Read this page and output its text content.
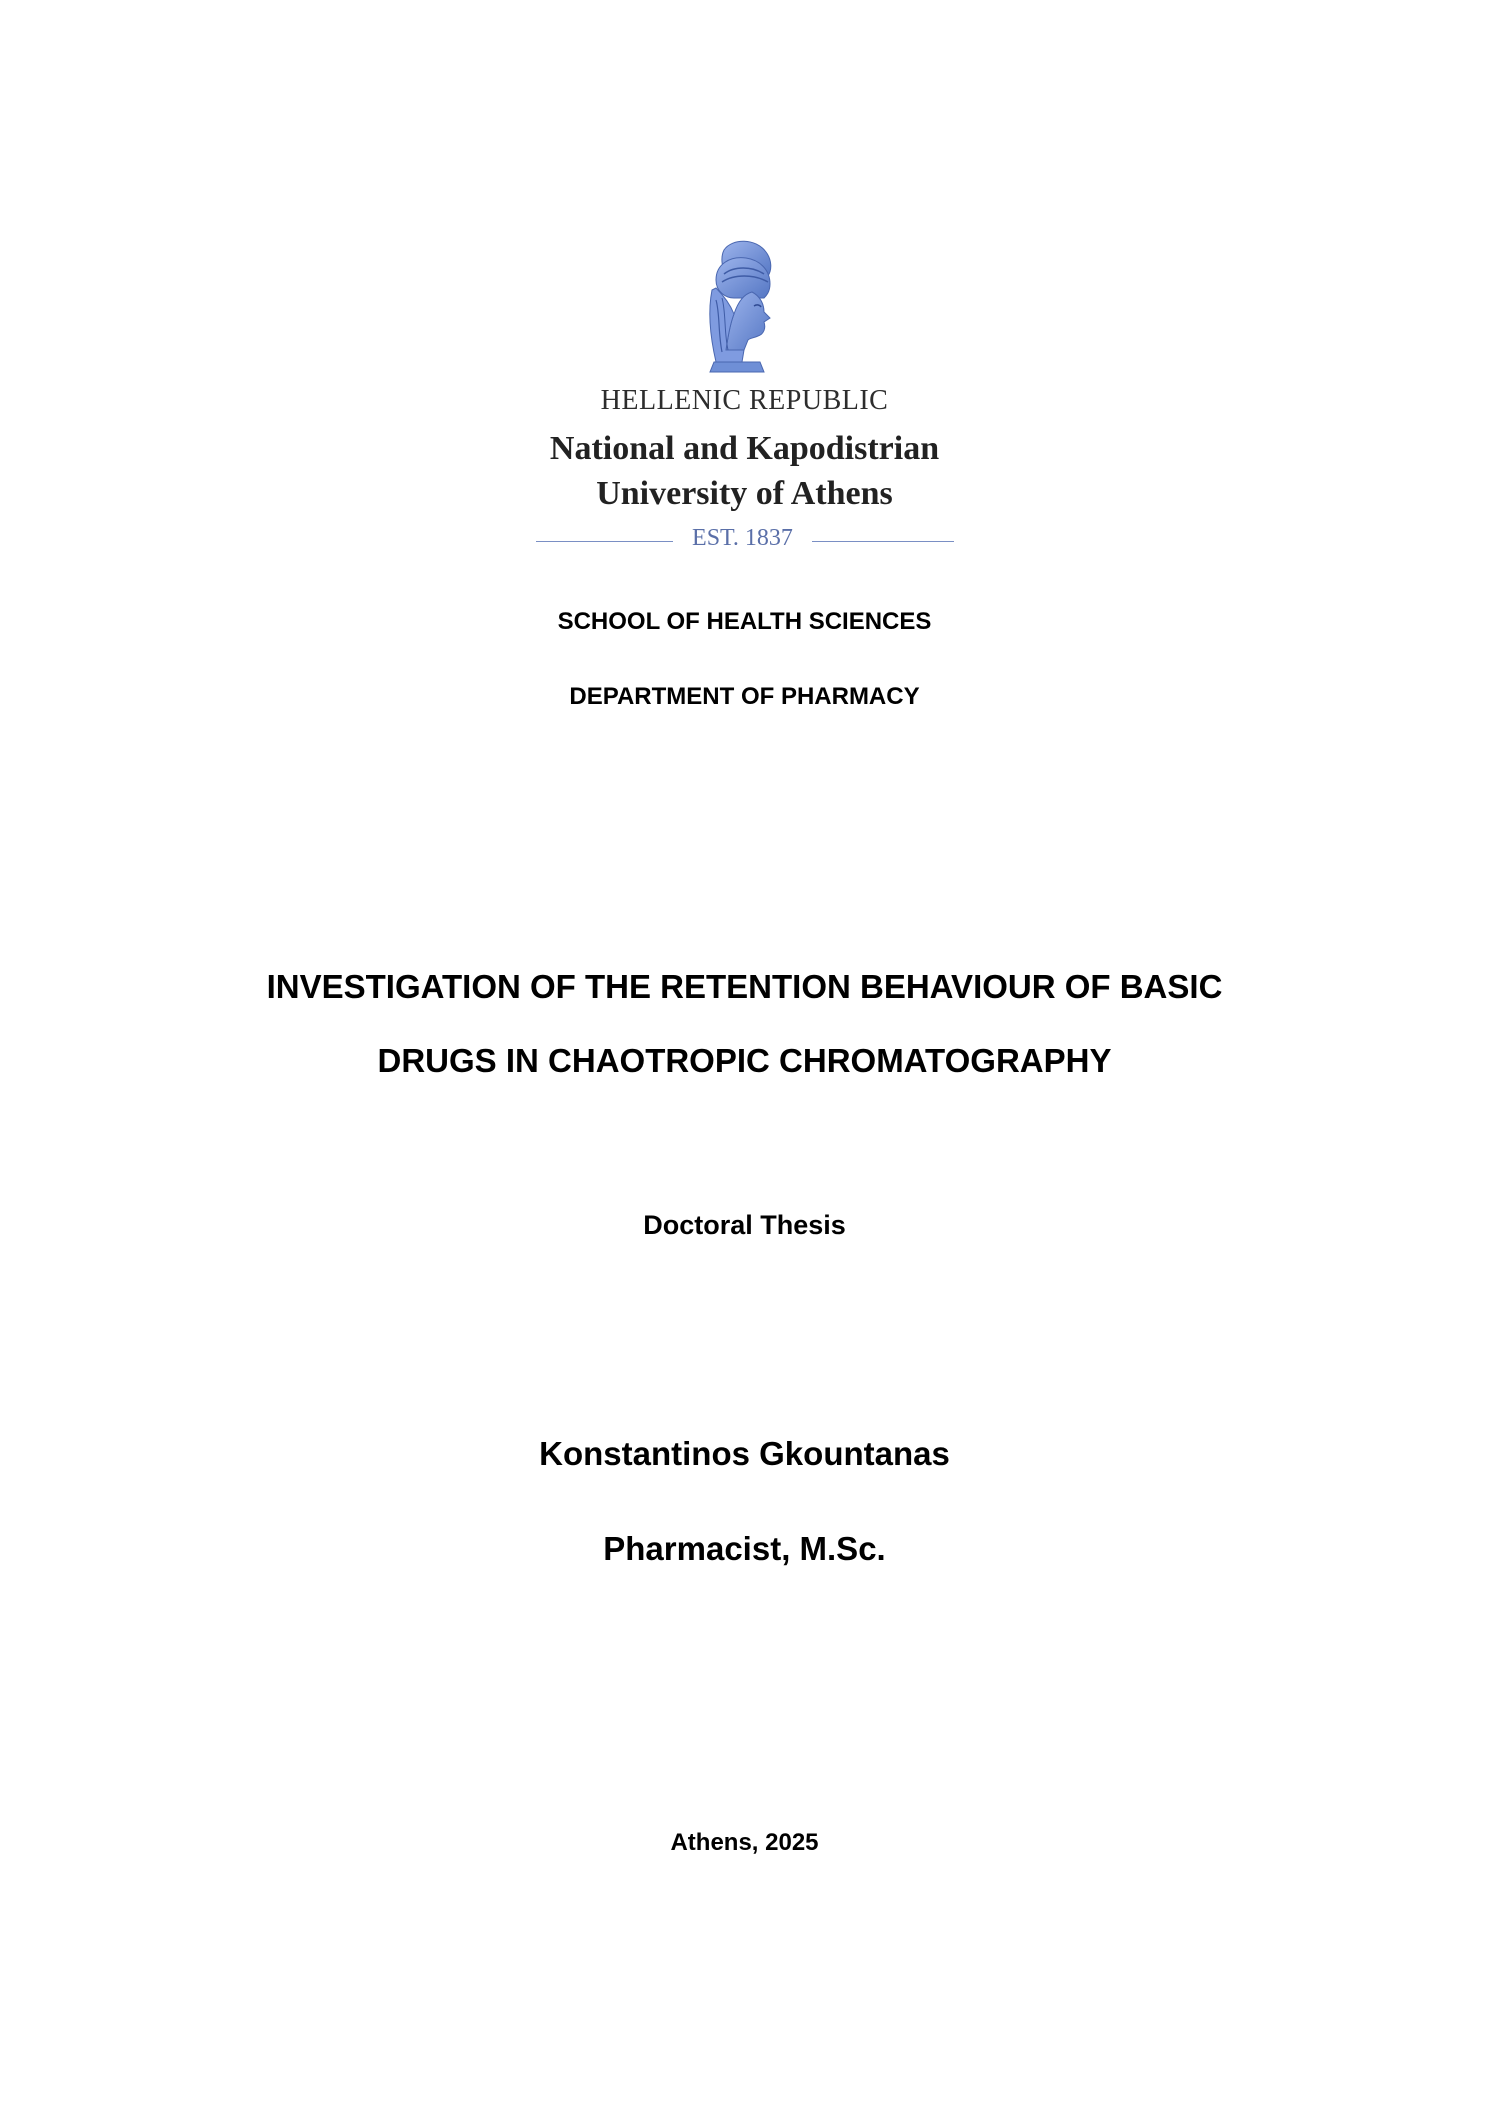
HELLENIC REPUBLIC
National and Kapodistrian
University of Athens
EST. 1837
SCHOOL OF HEALTH SCIENCES
DEPARTMENT OF PHARMACY
INVESTIGATION OF THE RETENTION BEHAVIOUR OF BASIC
DRUGS IN CHAOTROPIC CHROMATOGRAPHY
Doctoral Thesis
Konstantinos Gkountanas
Pharmacist, M.Sc.
Athens, 2025
